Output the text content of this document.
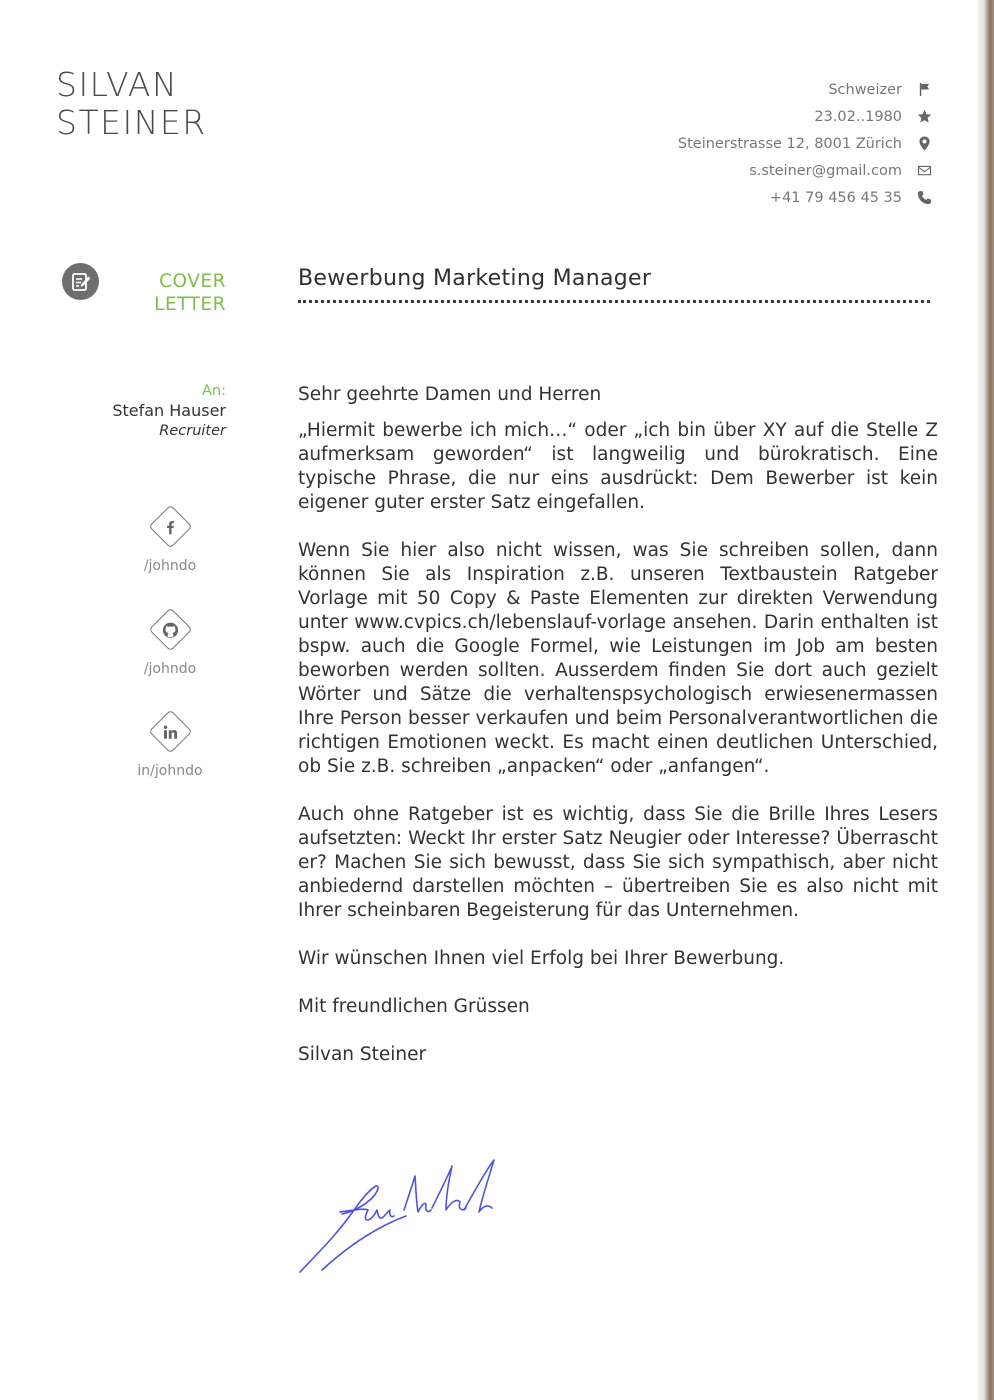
SILVAN
STEINER
Schweizer
23.02..1980
Steinerstrasse 12, 8001 Zürich
s.steiner@gmail.com
+41 79 456 45 35
COVER
LETTER
Bewerbung Marketing Manager
An:
Stefan Hauser
Recruiter
/johndo
/johndo
in/johndo

Sehr geehrte Damen und Herren

„Hiermit bewerbe ich mich…“ oder „ich bin über XY auf die Stelle Z aufmerksam geworden“ ist langweilig und bürokratisch. Eine typische Phrase, die nur eins ausdrückt: Dem Bewerber ist kein eigener guter erster Satz eingefallen.

Wenn Sie hier also nicht wissen, was Sie schreiben sollen, dann können Sie als Inspiration z.B. unseren Textbaustein Ratgeber Vorlage mit 50 Copy & Paste Elementen zur direkten Verwendung unter www.cvpics.ch/lebenslauf-vorlage ansehen. Darin enthalten ist bspw. auch die Google Formel, wie Leistungen im Job am besten beworben werden sollten. Ausserdem finden Sie dort auch gezielt Wörter und Sätze die verhaltenspsychologisch erwiesenermassen Ihre Person besser verkaufen und beim Personalverantwortlichen die richtigen Emotionen weckt. Es macht einen deutlichen Unterschied, ob Sie z.B. schreiben „anpacken“ oder „anfangen“.

Auch ohne Ratgeber ist es wichtig, dass Sie die Brille Ihres Lesers aufsetzten: Weckt Ihr erster Satz Neugier oder Interesse? Überrascht er? Machen Sie sich bewusst, dass Sie sich sympathisch, aber nicht anbiedernd darstellen möchten – übertreiben Sie es also nicht mit Ihrer scheinbaren Begeisterung für das Unternehmen.

Wir wünschen Ihnen viel Erfolg bei Ihrer Bewerbung.

Mit freundlichen Grüssen

Silvan Steiner
